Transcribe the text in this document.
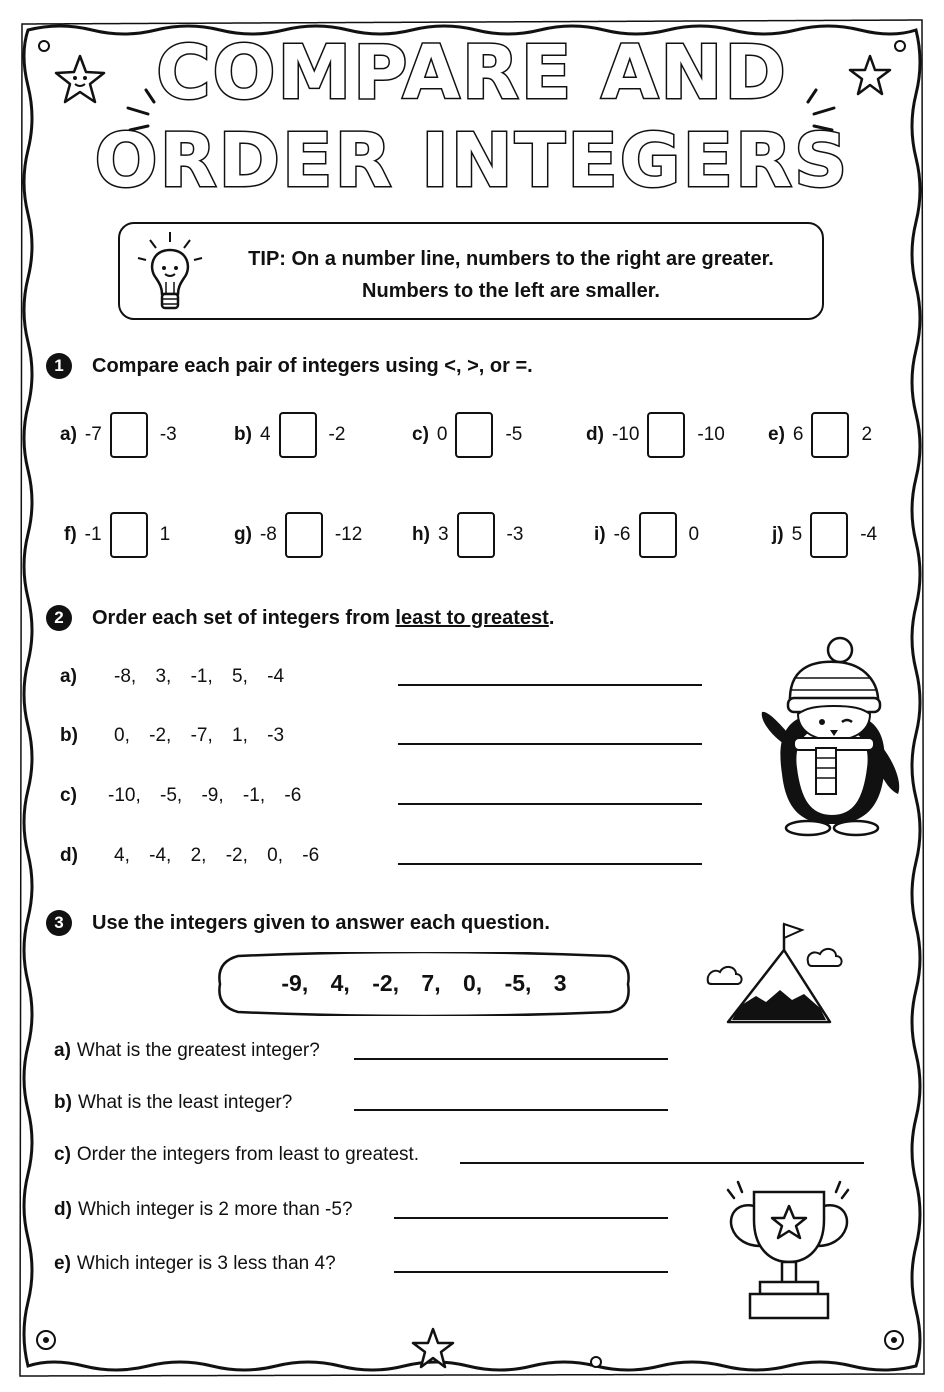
COMPARE AND
ORDER INTEGERS
TIP: On a number line, numbers to the right are greater.
Numbers to the left are smaller.
1	Compare each pair of integers using <, >, or =.
a) -7	-3	b) 4	-2	c) 0	-5	d) -10	-10 e) 6	2
f) -1	1	g) -8	-12	h) 3	-3	i) -6	0	j) 5	-4
2	Order each set of integers from least to greatest.
a) -8, 3, -1, 5, -4
b) 0, -2, -7, 1, -3
c) -10, -5, -9, -1, -6
d) 4, -4, 2, -2, 0, -6
3	Use the integers given to answer each question.
-9, 4, -2, 7, 0, -5, 3
a) What is the greatest integer?
b) What is the least integer?
c) Order the integers from least to greatest.
d) Which integer is 2 more than -5?
e) Which integer is 3 less than 4?
